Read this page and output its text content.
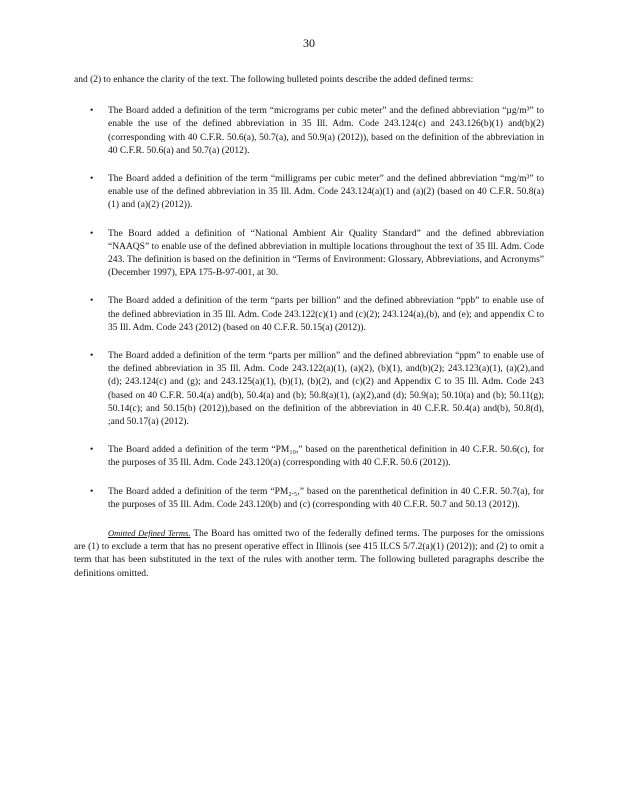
30

and (2) to enhance the clarity of the text. The following bulleted points describe the added defined terms:

• The Board added a definition of the term “micrograms per cubic meter” and the defined abbreviation “µg/m³” to enable the use of the defined abbreviation in 35 Ill. Adm. Code 243.124(c) and 243.126(b)(1) and(b)(2) (corresponding with 40 C.F.R. 50.6(a), 50.7(a), and 50.9(a) (2012)), based on the definition of the abbreviation in 40 C.F.R. 50.6(a) and 50.7(a) (2012).
• The Board added a definition of the term “milligrams per cubic meter” and the defined abbreviation “mg/m³” to enable use of the defined abbreviation in 35 Ill. Adm. Code 243.124(a)(1) and (a)(2) (based on 40 C.F.R. 50.8(a)(1) and (a)(2) (2012)).
• The Board added a definition of “National Ambient Air Quality Standard” and the defined abbreviation “NAAQS” to enable use of the defined abbreviation in multiple locations throughout the text of 35 Ill. Adm. Code 243. The definition is based on the definition in “Terms of Environment: Glossary, Abbreviations, and Acronyms” (December 1997), EPA 175-B-97-001, at 30.
• The Board added a definition of the term “parts per billion” and the defined abbreviation “ppb” to enable use of the defined abbreviation in 35 Ill. Adm. Code 243.122(c)(1) and (c)(2); 243.124(a),(b), and (e); and appendix C to 35 Ill. Adm. Code 243 (2012) (based on 40 C.F.R. 50.15(a) (2012)).
• The Board added a definition of the term “parts per million” and the defined abbreviation “ppm” to enable use of the defined abbreviation in 35 Ill. Adm. Code 243.122(a)(1), (a)(2), (b)(1), and(b)(2); 243.123(a)(1), (a)(2),and (d); 243.124(c) and (g); and 243.125(a)(1), (b)(1), (b)(2), and (c)(2) and Appendix C to 35 Ill. Adm. Code 243 (based on 40 C.F.R. 50.4(a) and(b), 50.4(a) and (b); 50.8(a)(1), (a)(2),and (d); 50.9(a); 50.10(a) and (b); 50.11(g); 50.14(c); and 50.15(b) (2012)),based on the definition of the abbreviation in 40 C.F.R. 50.4(a) and(b), 50.8(d), ;and 50.17(a) (2012).
• The Board added a definition of the term “PM₁₀,” based on the parenthetical definition in 40 C.F.R. 50.6(c), for the purposes of 35 Ill. Adm. Code 243.120(a) (corresponding with 40 C.F.R. 50.6 (2012)).
• The Board added a definition of the term “PM₂.₅,” based on the parenthetical definition in 40 C.F.R. 50.7(a), for the purposes of 35 Ill. Adm. Code 243.120(b) and (c) (corresponding with 40 C.F.R. 50.7 and 50.13 (2012)).

Omitted Defined Terms. The Board has omitted two of the federally defined terms. The purposes for the omissions are (1) to exclude a term that has no present operative effect in Illinois (see 415 ILCS 5/7.2(a)(1) (2012)); and (2) to omit a term that has been substituted in the text of the rules with another term. The following bulleted paragraphs describe the definitions omitted.
